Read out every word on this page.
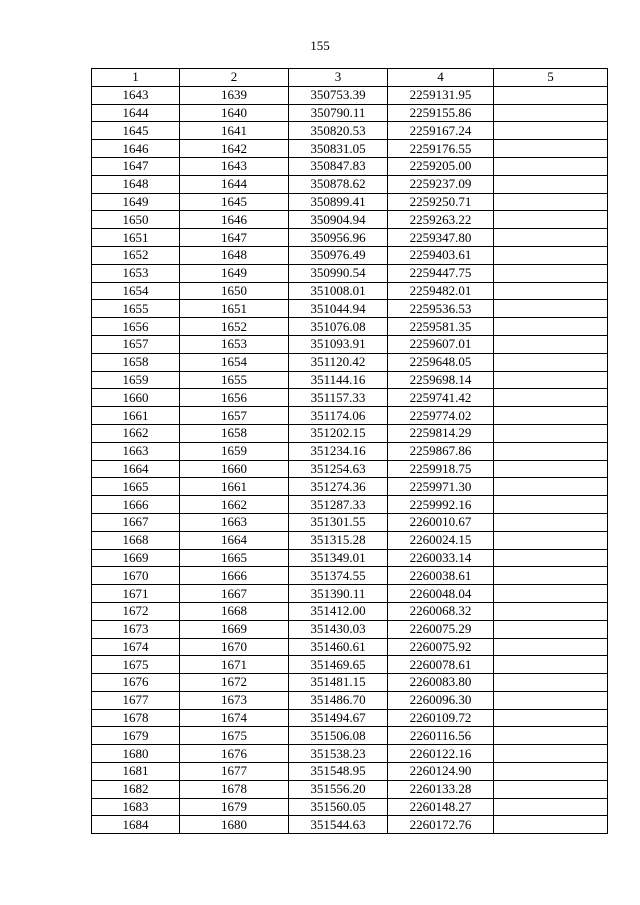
155
1	2	3	4	5
1643	1639	350753.39	2259131.95	
1644	1640	350790.11	2259155.86	
1645	1641	350820.53	2259167.24	
1646	1642	350831.05	2259176.55	
1647	1643	350847.83	2259205.00	
1648	1644	350878.62	2259237.09	
1649	1645	350899.41	2259250.71	
1650	1646	350904.94	2259263.22	
1651	1647	350956.96	2259347.80	
1652	1648	350976.49	2259403.61	
1653	1649	350990.54	2259447.75	
1654	1650	351008.01	2259482.01	
1655	1651	351044.94	2259536.53	
1656	1652	351076.08	2259581.35	
1657	1653	351093.91	2259607.01	
1658	1654	351120.42	2259648.05	
1659	1655	351144.16	2259698.14	
1660	1656	351157.33	2259741.42	
1661	1657	351174.06	2259774.02	
1662	1658	351202.15	2259814.29	
1663	1659	351234.16	2259867.86	
1664	1660	351254.63	2259918.75	
1665	1661	351274.36	2259971.30	
1666	1662	351287.33	2259992.16	
1667	1663	351301.55	2260010.67	
1668	1664	351315.28	2260024.15	
1669	1665	351349.01	2260033.14	
1670	1666	351374.55	2260038.61	
1671	1667	351390.11	2260048.04	
1672	1668	351412.00	2260068.32	
1673	1669	351430.03	2260075.29	
1674	1670	351460.61	2260075.92	
1675	1671	351469.65	2260078.61	
1676	1672	351481.15	2260083.80	
1677	1673	351486.70	2260096.30	
1678	1674	351494.67	2260109.72	
1679	1675	351506.08	2260116.56	
1680	1676	351538.23	2260122.16	
1681	1677	351548.95	2260124.90	
1682	1678	351556.20	2260133.28	
1683	1679	351560.05	2260148.27	
1684	1680	351544.63	2260172.76	
